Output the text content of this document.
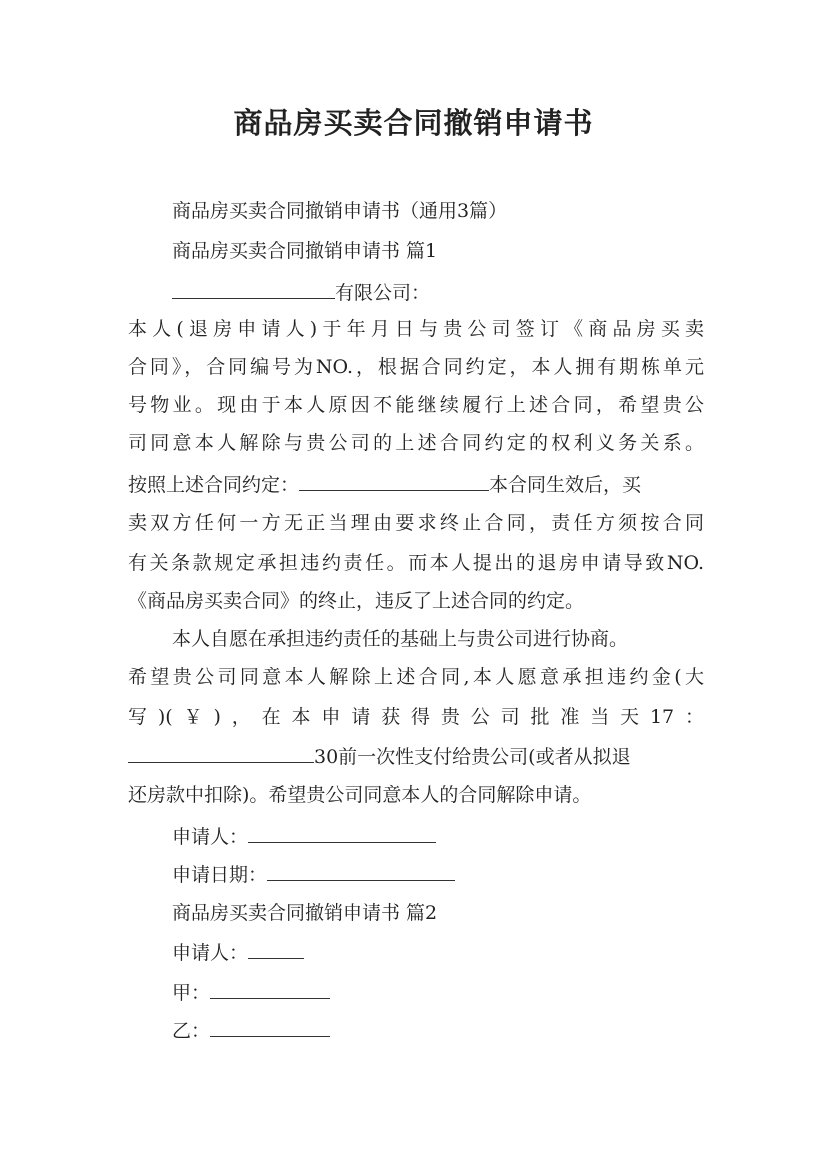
商品房买卖合同撤销申请书
商品房买卖合同撤销申请书（通用3篇）
商品房买卖合同撤销申请书 篇1
有限公司：
本人(退房申请人)于年月日与贵公司签订《商品房买卖
合同》，合同编号为NO.，根据合同约定，本人拥有期栋单元
号物业。现由于本人原因不能继续履行上述合同，希望贵公
司同意本人解除与贵公司的上述合同约定的权利义务关系。
按照上述合同约定：	本合同生效后，买
卖双方任何一方无正当理由要求终止合同，责任方须按合同
有关条款规定承担违约责任。而本人提出的退房申请导致NO.
《商品房买卖合同》的终止，违反了上述合同的约定。
本人自愿在承担违约责任的基础上与贵公司进行协商。
希望贵公司同意本人解除上述合同,本人愿意承担违约金(大
写)(￥)，在本申请获得贵公司批准当天17：
30前一次性支付给贵公司(或者从拟退
还房款中扣除)。希望贵公司同意本人的合同解除申请。
申请人：
申请日期：
商品房买卖合同撤销申请书 篇2
申请人：
甲：
乙：
